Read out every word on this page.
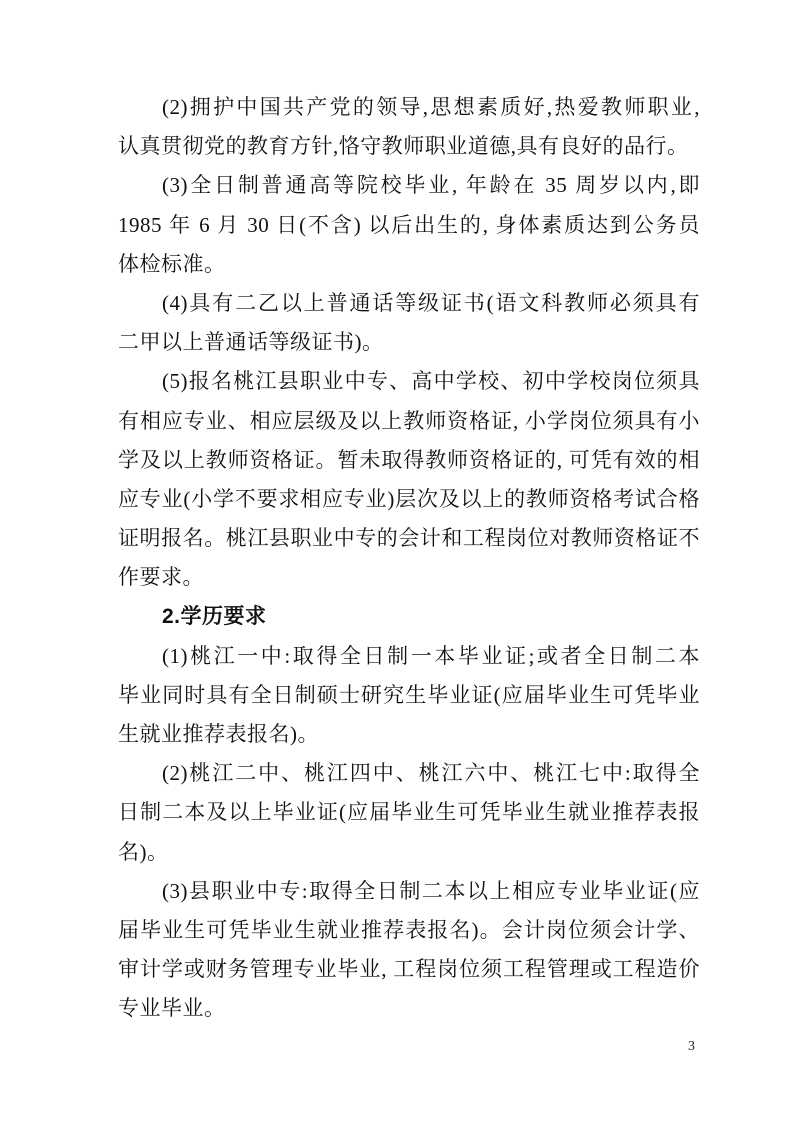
(2)拥护中国共产党的领导,思想素质好,热爱教师职业,
认真贯彻党的教育方针,恪守教师职业道德,具有良好的品行。
(3)全日制普通高等院校毕业, 年龄在 35 周岁以内,即
1985 年 6 月 30 日(不含) 以后出生的, 身体素质达到公务员
体检标准。
(4)具有二乙以上普通话等级证书(语文科教师必须具有
二甲以上普通话等级证书)。
(5)报名桃江县职业中专、高中学校、初中学校岗位须具
有相应专业、相应层级及以上教师资格证, 小学岗位须具有小
学及以上教师资格证。暂未取得教师资格证的, 可凭有效的相
应专业(小学不要求相应专业)层次及以上的教师资格考试合格
证明报名。桃江县职业中专的会计和工程岗位对教师资格证不
作要求。
2.学历要求
(1)桃江一中:取得全日制一本毕业证;或者全日制二本
毕业同时具有全日制硕士研究生毕业证(应届毕业生可凭毕业
生就业推荐表报名)。
(2)桃江二中、桃江四中、桃江六中、桃江七中:取得全
日制二本及以上毕业证(应届毕业生可凭毕业生就业推荐表报
名)。
(3)县职业中专:取得全日制二本以上相应专业毕业证(应
届毕业生可凭毕业生就业推荐表报名)。会计岗位须会计学、
审计学或财务管理专业毕业, 工程岗位须工程管理或工程造价
专业毕业。
3
